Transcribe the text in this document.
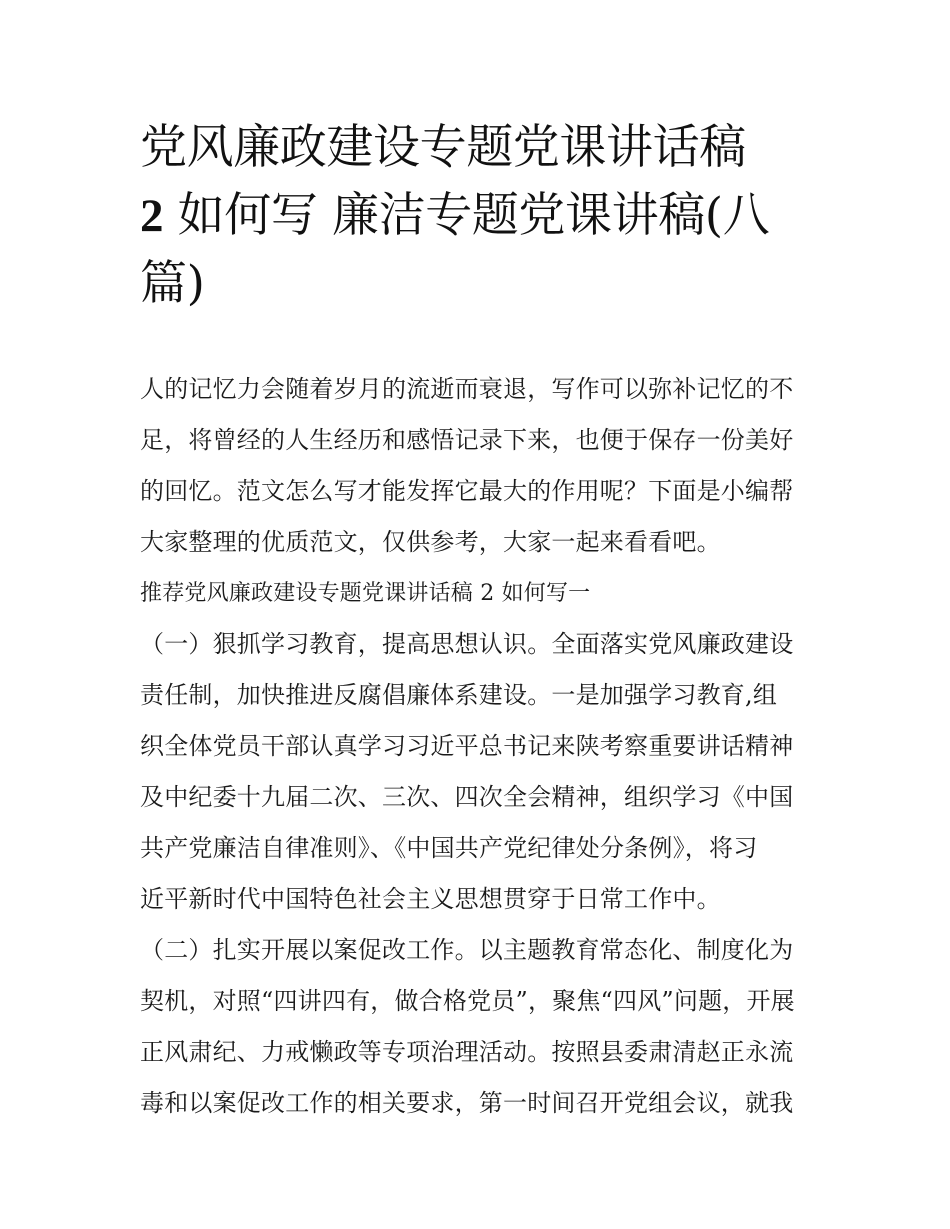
党风廉政建设专题党课讲话稿
2 如何写 廉洁专题党课讲稿(八
篇)

人的记忆力会随着岁月的流逝而衰退，写作可以弥补记忆的不

足，将曾经的人生经历和感悟记录下来，也便于保存一份美好

的回忆。范文怎么写才能发挥它最大的作用呢？下面是小编帮

大家整理的优质范文，仅供参考，大家一起来看看吧。

推荐党风廉政建设专题党课讲话稿 2 如何写一

（一）狠抓学习教育，提高思想认识。全面落实党风廉政建设

责任制，加快推进反腐倡廉体系建设。一是加强学习教育,组

织全体党员干部认真学习习近平总书记来陕考察重要讲话精神

及中纪委十九届二次、三次、四次全会精神，组织学习《中国

共产党廉洁自律准则》、《中国共产党纪律处分条例》，将习

近平新时代中国特色社会主义思想贯穿于日常工作中。

（二）扎实开展以案促改工作。以主题教育常态化、制度化为

契机，对照“四讲四有，做合格党员”，聚焦“四风”问题，开展

正风肃纪、力戒懒政等专项治理活动。按照县委肃清赵正永流

毒和以案促改工作的相关要求，第一时间召开党组会议，就我
